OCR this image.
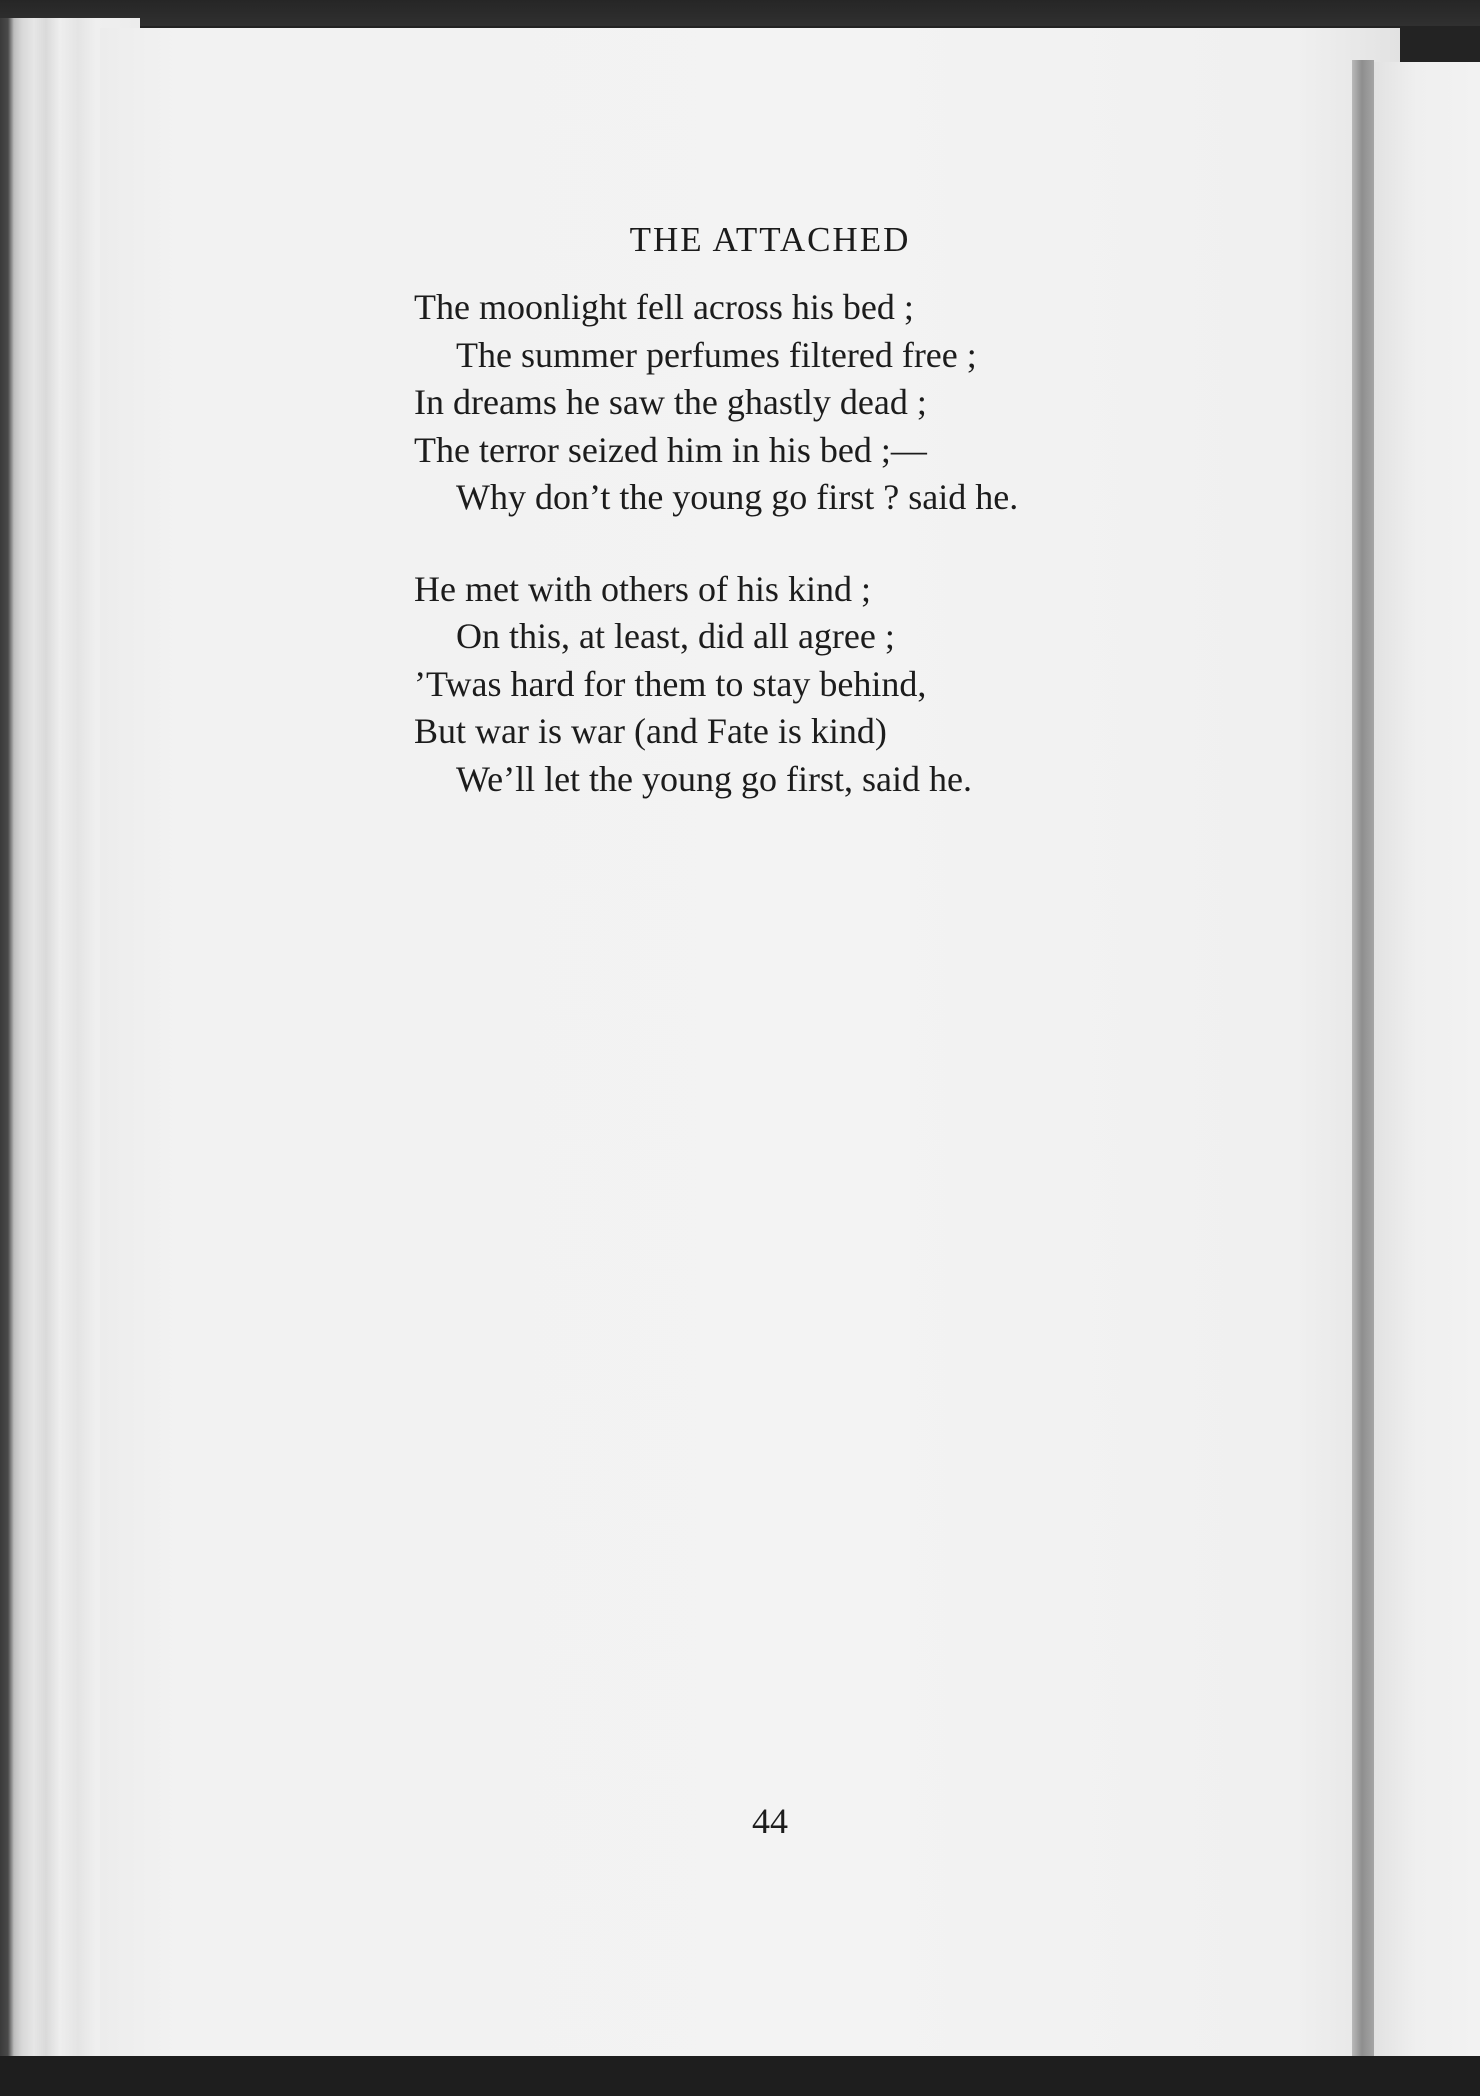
THE ATTACHED
The moonlight fell across his bed ;
The summer perfumes filtered free ;
In dreams he saw the ghastly dead ;
The terror seized him in his bed ;—
Why don’t the young go first ? said he.
He met with others of his kind ;
On this, at least, did all agree ;
’Twas hard for them to stay behind,
But war is war (and Fate is kind)
We’ll let the young go first, said he.
44
